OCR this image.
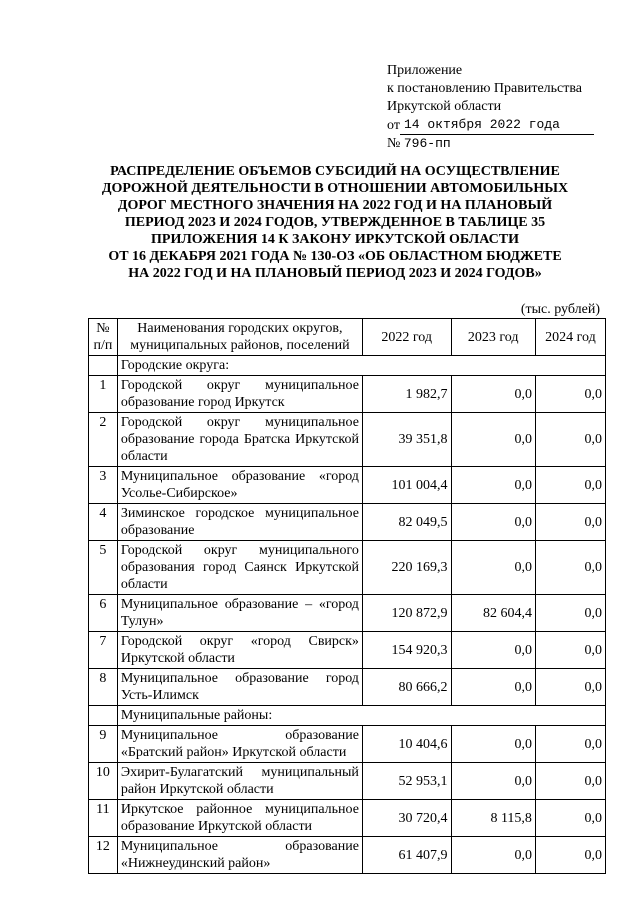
Приложение
к постановлению Правительства
Иркутской области
от 14 октября 2022 года
№ 796-пп
РАСПРЕДЕЛЕНИЕ ОБЪЕМОВ СУБСИДИЙ НА ОСУЩЕСТВЛЕНИЕ
ДОРОЖНОЙ ДЕЯТЕЛЬНОСТИ В ОТНОШЕНИИ АВТОМОБИЛЬНЫХ
ДОРОГ МЕСТНОГО ЗНАЧЕНИЯ НА 2022 ГОД И НА ПЛАНОВЫЙ
ПЕРИОД 2023 И 2024 ГОДОВ, УТВЕРЖДЕННОЕ В ТАБЛИЦЕ 35
ПРИЛОЖЕНИЯ 14 К ЗАКОНУ ИРКУТСКОЙ ОБЛАСТИ
ОТ 16 ДЕКАБРЯ 2021 ГОДА № 130-ОЗ «ОБ ОБЛАСТНОМ БЮДЖЕТЕ
НА 2022 ГОД И НА ПЛАНОВЫЙ ПЕРИОД 2023 И 2024 ГОДОВ»
(тыс. рублей)
№ п/п	Наименования городских округов, муниципальных районов, поселений	2022 год	2023 год	2024 год
	Городские округа:			
1	Городской округ муниципальное образование город Иркутск	1 982,7	0,0	0,0
2	Городской округ муниципальное образование города Братска Иркутской области	39 351,8	0,0	0,0
3	Муниципальное образование «город Усолье-Сибирское»	101 004,4	0,0	0,0
4	Зиминское городское муниципальное образование	82 049,5	0,0	0,0
5	Городской округ муниципального образования город Саянск Иркутской области	220 169,3	0,0	0,0
6	Муниципальное образование – «город Тулун»	120 872,9	82 604,4	0,0
7	Городской округ «город Свирск» Иркутской области	154 920,3	0,0	0,0
8	Муниципальное образование город Усть-Илимск	80 666,2	0,0	0,0
	Муниципальные районы:			
9	Муниципальное образование «Братский район» Иркутской области	10 404,6	0,0	0,0
10	Эхирит-Булагатский муниципальный район Иркутской области	52 953,1	0,0	0,0
11	Иркутское районное муниципальное образование Иркутской области	30 720,4	8 115,8	0,0
12	Муниципальное образование «Нижнеудинский район»	61 407,9	0,0	0,0
